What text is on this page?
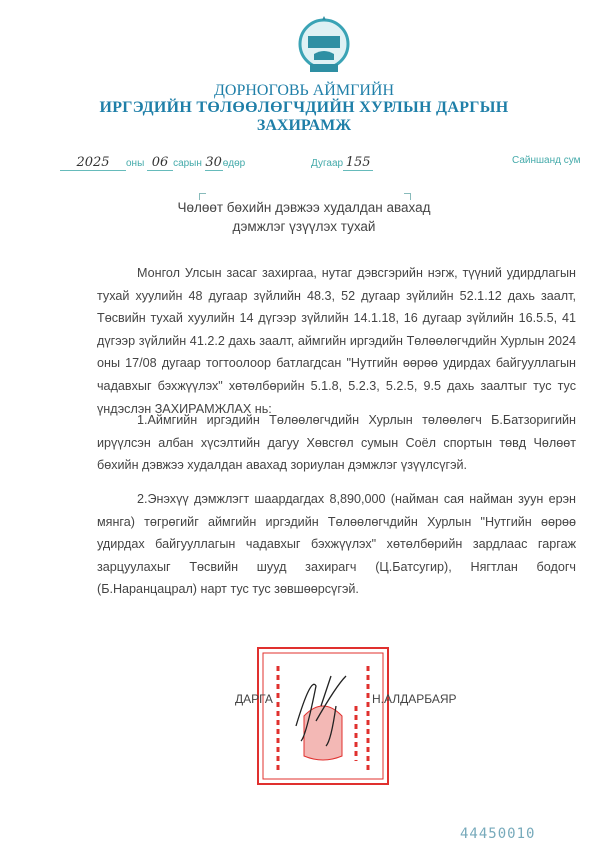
ДОРНОГОВЬ АЙМГИЙН
ИРГЭДИЙН ТӨЛӨӨЛӨГЧДИЙН ХУРЛЫН ДАРГЫН
ЗАХИРАМЖ
2025 оны 06 сарын 30өдөр	Дугаар 155	Сайншанд сум
Чөлөөт бөхийн дэвжээ худалдан авахад
дэмжлэг үзүүлэх тухай

Монгол Улсын засаг захиргаа, нутаг дэвсгэрийн нэгж, түүний удирдлагын тухай хуулийн 48 дугаар зүйлийн 48.3, 52 дугаар зүйлийн 52.1.12 дахь заалт, Төсвийн тухай хуулийн 14 дүгээр зүйлийн 14.1.18, 16 дугаар зүйлийн 16.5.5, 41 дүгээр зүйлийн 41.2.2 дахь заалт, аймгийн иргэдийн Төлөөлөгчдийн Хурлын 2024 оны 17/08 дугаар тогтоолоор батлагдсан "Нутгийн өөрөө удирдах байгууллагын чадавхыг бэхжүүлэх" хөтөлбөрийн 5.1.8, 5.2.3, 5.2.5, 9.5 дахь заалтыг тус тус үндэслэн ЗАХИРАМЖЛАХ нь:

1.Аймгийн иргэдийн Төлөөлөгчдийн Хурлын төлөөлөгч Б.Батзоригийн ирүүлсэн албан хүсэлтийн дагуу Хөвсгөл сумын Соёл спортын төвд Чөлөөт бөхийн дэвжээ худалдан авахад зориулан дэмжлэг үзүүлсүгэй.

2.Энэхүү дэмжлэгт шаардагдах 8,890,000 (найман сая найман зуун ерэн мянга) төгрөгийг аймгийн иргэдийн Төлөөлөгчдийн Хурлын "Нутгийн өөрөө удирдах байгууллагын чадавхыг бэхжүүлэх" хөтөлбөрийн зардлаас гаргаж зарцуулахыг Төсвийн шууд захирагч (Ц.Батсугир), Нягтлан бодогч (Б.Наранцацрал) нарт тус тус зөвшөөрсүгэй.

ДАРГА	Н.АЛДАРБАЯР
44450010
